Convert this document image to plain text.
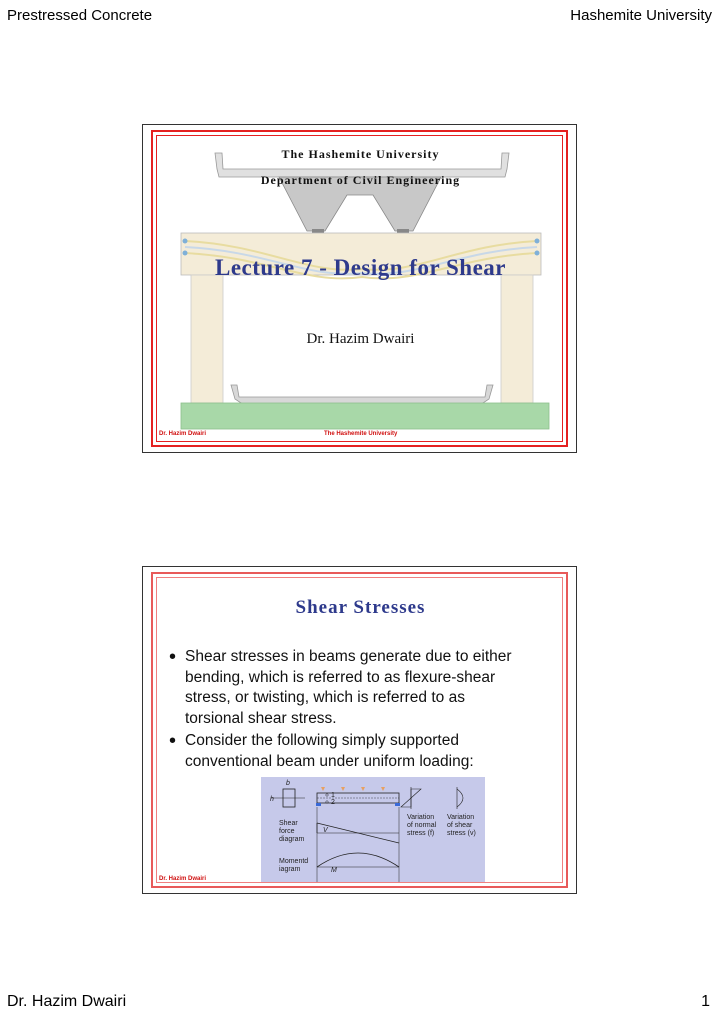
Prestressed Concrete	Hashemite University
The Hashemite University
Department of Civil Engineering
Lecture 7 - Design for Shear
Dr. Hazim Dwairi
Dr. Hazim Dwairi	The Hashemite University
Shear Stresses
• Shear stresses in beams generate due to either
bending, which is referred to as flexure-shear
stress, or twisting, which is referred to as
torsional shear stress.
• Consider the following simply supported
conventional beam under uniform loading:
b
h
1
2
Variation
of normal
stress (f)
Variation
of shear
stress (v)
Shear
force
diagram
V
Momentd
iagram	M
Dr. Hazim Dwairi
Dr. Hazim Dwairi	1
